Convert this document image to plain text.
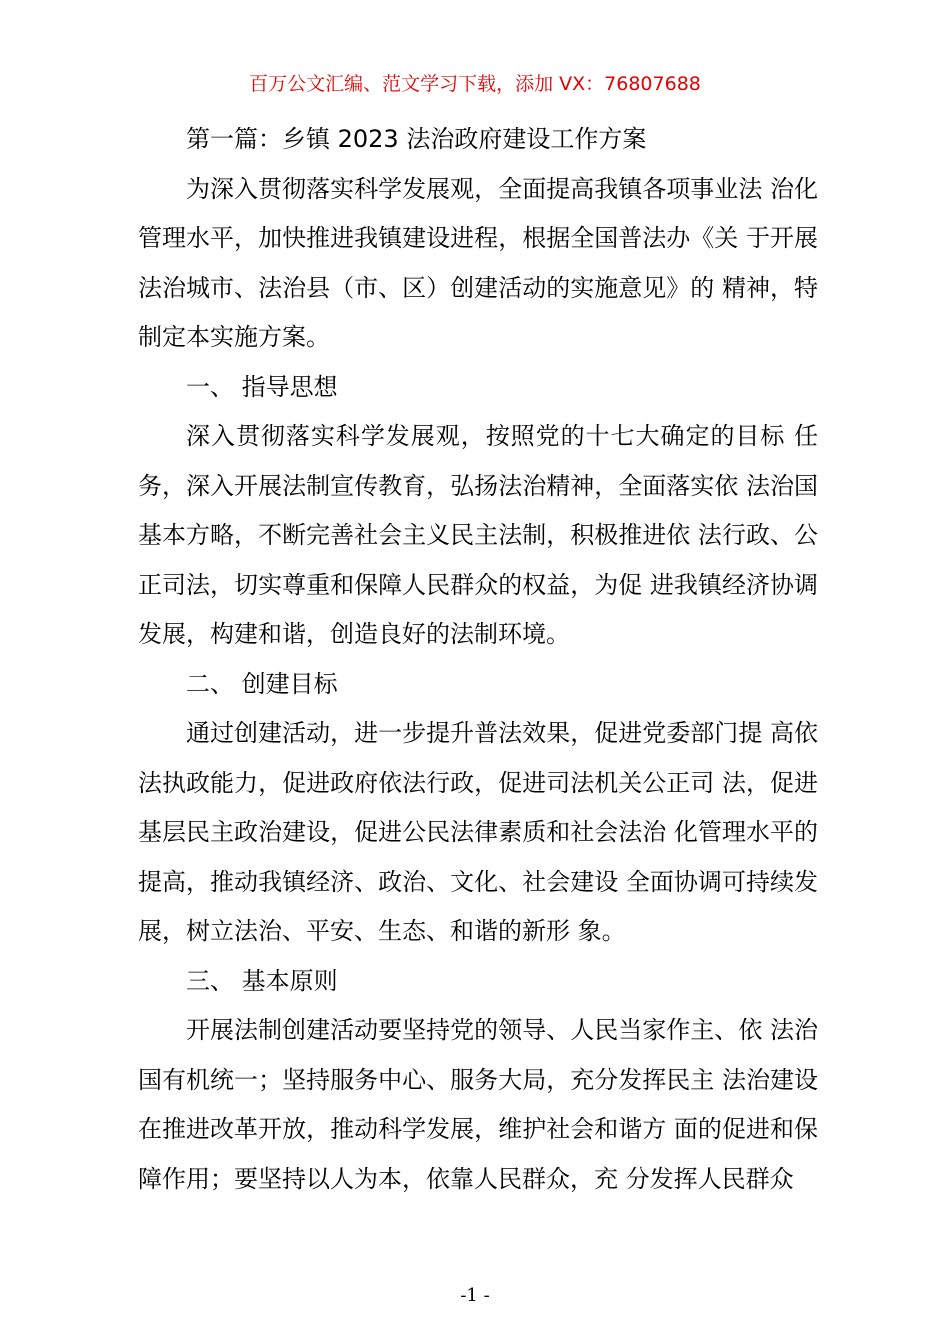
百万公文汇编、范文学习下载，添加 VX：76807688

第一篇：乡镇 2023 法治政府建设工作方案

为深入贯彻落实科学发展观，全面提高我镇各项事业法 治化管理水平，加快推进我镇建设进程，根据全国普法办《关 于开展法治城市、法治县（市、区）创建活动的实施意见》的 精神，特制定本实施方案。

一、 指导思想

深入贯彻落实科学发展观，按照党的十七大确定的目标 任务，深入开展法制宣传教育，弘扬法治精神，全面落实依 法治国基本方略，不断完善社会主义民主法制，积极推进依 法行政、公正司法，切实尊重和保障人民群众的权益，为促 进我镇经济协调发展，构建和谐，创造良好的法制环境。

二、 创建目标

通过创建活动，进一步提升普法效果，促进党委部门提 高依法执政能力，促进政府依法行政，促进司法机关公正司 法，促进基层民主政治建设，促进公民法律素质和社会法治 化管理水平的提高，推动我镇经济、政治、文化、社会建设 全面协调可持续发展，树立法治、平安、生态、和谐的新形 象。

三、 基本原则

开展法制创建活动要坚持党的领导、人民当家作主、依 法治国有机统一；坚持服务中心、服务大局，充分发挥民主 法治建设在推进改革开放，推动科学发展，维护社会和谐方 面的促进和保障作用；要坚持以人为本，依靠人民群众，充 分发挥人民群众

-1 -
